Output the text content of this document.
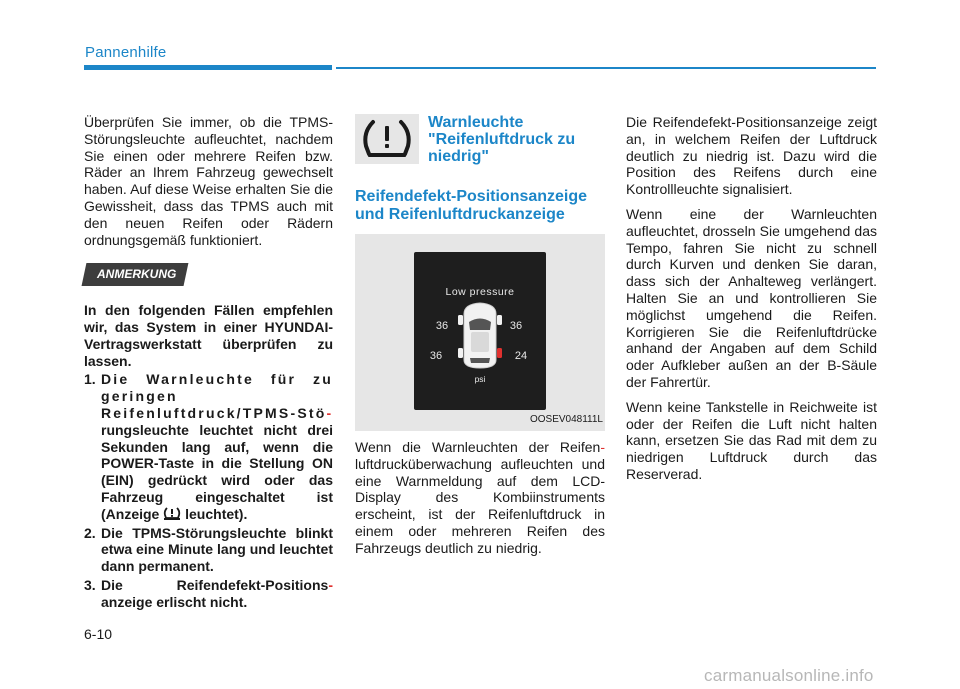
Pannenhilfe

Überprüfen Sie immer, ob die TPMS-Störungsleuchte aufleuchtet, nachdem Sie einen oder mehrere Reifen bzw. Räder an Ihrem Fahrzeug gewechselt haben. Auf diese Weise erhalten Sie die Gewissheit, dass das TPMS auch mit den neuen Reifen oder Rädern ordnungsgemäß funktioniert.

ANMERKUNG

In den folgenden Fällen empfehlen wir, das System in einer HYUNDAI-Vertragswerkstatt überprüfen zu lassen.

1. Die Warnleuchte für zu geringen Reifenluftdruck/TPMS-Stö- rungsleuchte leuchtet nicht drei Sekunden lang auf, wenn die POWER-Taste in die Stellung ON (EIN) gedrückt wird oder das Fahrzeug eingeschaltet ist (Anzeige leuchtet).
2. Die TPMS-Störungsleuchte blinkt etwa eine Minute lang und leuchtet dann permanent.
3. Die Reifendefekt-Positions- anzeige erlischt nicht.
Warnleuchte "Reifenluftdruck zu niedrig"
Reifendefekt-Positionsanzeige und Reifenluftdruckanzeige
Low pressure
36	36
36	24
psi
OOSEV048111L

Wenn die Warnleuchten der Reifen- luftdrucküberwachung aufleuchten und eine Warnmeldung auf dem LCD-Display des Kombiinstruments erscheint, ist der Reifenluftdruck in einem oder mehreren Reifen des Fahrzeugs deutlich zu niedrig.

Die Reifendefekt-Positionsanzeige zeigt an, in welchem Reifen der Luftdruck deutlich zu niedrig ist. Dazu wird die Position des Reifens durch eine Kontrollleuchte signalisiert.

Wenn eine der Warnleuchten aufleuchtet, drosseln Sie umgehend das Tempo, fahren Sie nicht zu schnell durch Kurven und denken Sie daran, dass sich der Anhalteweg verlängert. Halten Sie an und kontrollieren Sie möglichst umgehend die Reifen. Korrigieren Sie die Reifenluftdrücke anhand der Angaben auf dem Schild oder Aufkleber außen an der B-Säule der Fahrertür.

Wenn keine Tankstelle in Reichweite ist oder der Reifen die Luft nicht halten kann, ersetzen Sie das Rad mit dem zu niedrigen Luftdruck durch das Reserverad.

6-10
carmanualsonline.info
